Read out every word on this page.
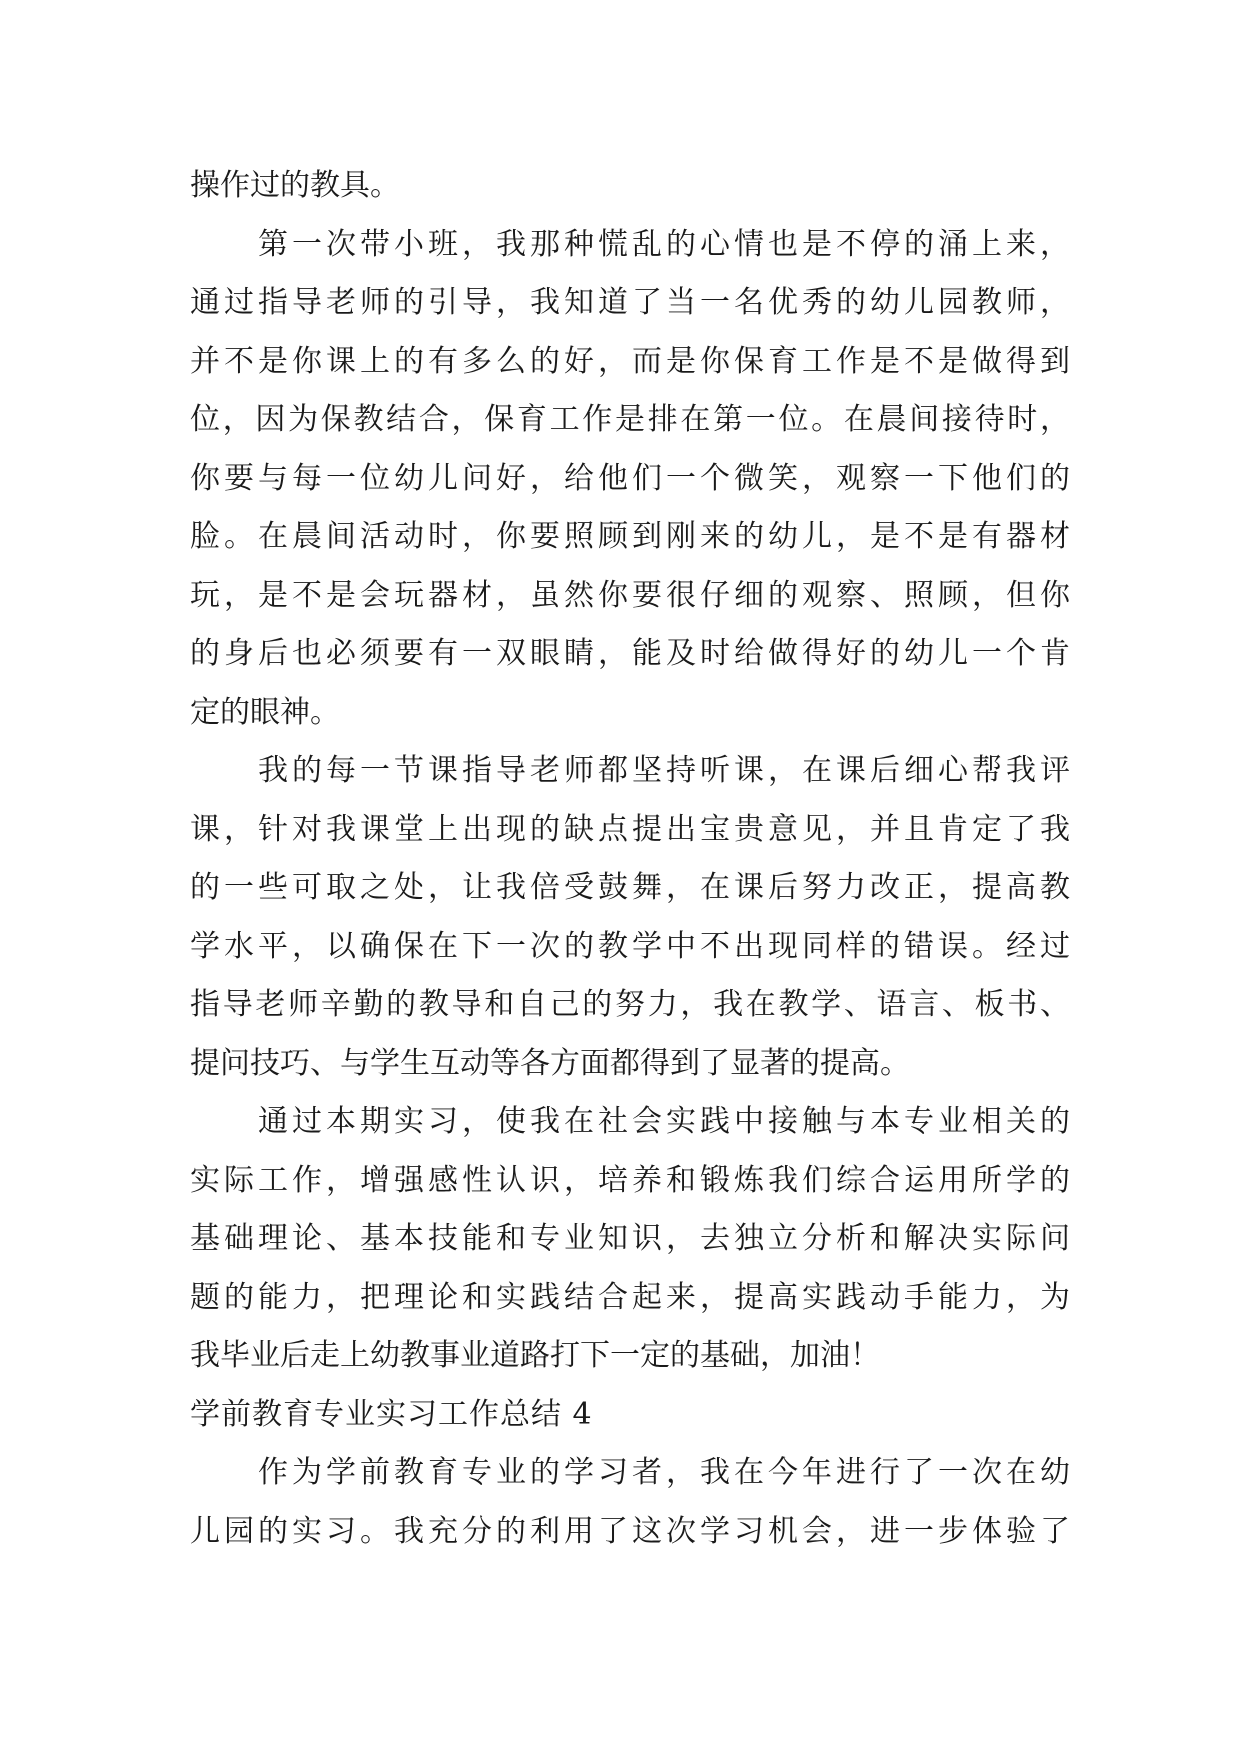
操作过的教具。
第一次带小班，我那种慌乱的心情也是不停的涌上来，
通过指导老师的引导，我知道了当一名优秀的幼儿园教师，
并不是你课上的有多么的好，而是你保育工作是不是做得到
位，因为保教结合，保育工作是排在第一位。在晨间接待时，
你要与每一位幼儿问好，给他们一个微笑，观察一下他们的
脸。在晨间活动时，你要照顾到刚来的幼儿，是不是有器材
玩，是不是会玩器材，虽然你要很仔细的观察、照顾，但你
的身后也必须要有一双眼睛，能及时给做得好的幼儿一个肯
定的眼神。
我的每一节课指导老师都坚持听课，在课后细心帮我评
课，针对我课堂上出现的缺点提出宝贵意见，并且肯定了我
的一些可取之处，让我倍受鼓舞，在课后努力改正，提高教
学水平，以确保在下一次的教学中不出现同样的错误。经过
指导老师辛勤的教导和自己的努力，我在教学、语言、板书、
提问技巧、与学生互动等各方面都得到了显著的提高。
通过本期实习，使我在社会实践中接触与本专业相关的
实际工作，增强感性认识，培养和锻炼我们综合运用所学的
基础理论、基本技能和专业知识，去独立分析和解决实际问
题的能力，把理论和实践结合起来，提高实践动手能力，为
我毕业后走上幼教事业道路打下一定的基础，加油！
学前教育专业实习工作总结 4
作为学前教育专业的学习者，我在今年进行了一次在幼
儿园的实习。我充分的利用了这次学习机会，进一步体验了
